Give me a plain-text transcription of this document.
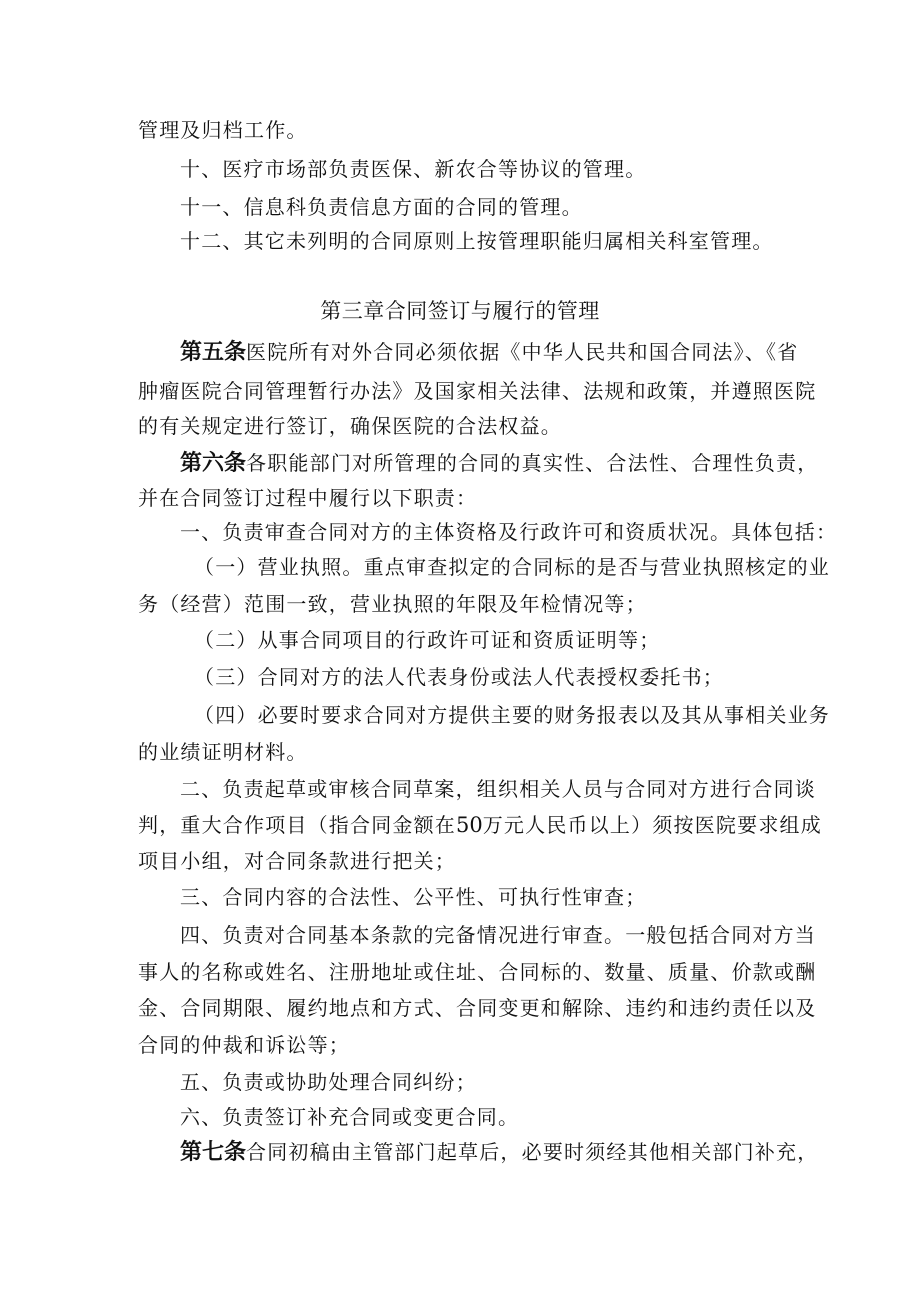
管理及归档工作。
十、医疗市场部负责医保、新农合等协议的管理。
十一、信息科负责信息方面的合同的管理。
十二、其它未列明的合同原则上按管理职能归属相关科室管理。
第三章合同签订与履行的管理
第五条医院所有对外合同必须依据《中华人民共和国合同法》、《省
肿瘤医院合同管理暂行办法》及国家相关法律、法规和政策，并遵照医院
的有关规定进行签订，确保医院的合法权益。
第六条各职能部门对所管理的合同的真实性、合法性、合理性负责，
并在合同签订过程中履行以下职责：
一、负责审查合同对方的主体资格及行政许可和资质状况。具体包括：
（一）营业执照。重点审查拟定的合同标的是否与营业执照核定的业
务（经营）范围一致，营业执照的年限及年检情况等；
（二）从事合同项目的行政许可证和资质证明等；
（三）合同对方的法人代表身份或法人代表授权委托书；
（四）必要时要求合同对方提供主要的财务报表以及其从事相关业务
的业绩证明材料。
二、负责起草或审核合同草案，组织相关人员与合同对方进行合同谈
判，重大合作项目（指合同金额在50万元人民币以上）须按医院要求组成
项目小组，对合同条款进行把关；
三、合同内容的合法性、公平性、可执行性审查；
四、负责对合同基本条款的完备情况进行审查。一般包括合同对方当
事人的名称或姓名、注册地址或住址、合同标的、数量、质量、价款或酬
金、合同期限、履约地点和方式、合同变更和解除、违约和违约责任以及
合同的仲裁和诉讼等；
五、负责或协助处理合同纠纷；
六、负责签订补充合同或变更合同。
第七条合同初稿由主管部门起草后，必要时须经其他相关部门补充，
